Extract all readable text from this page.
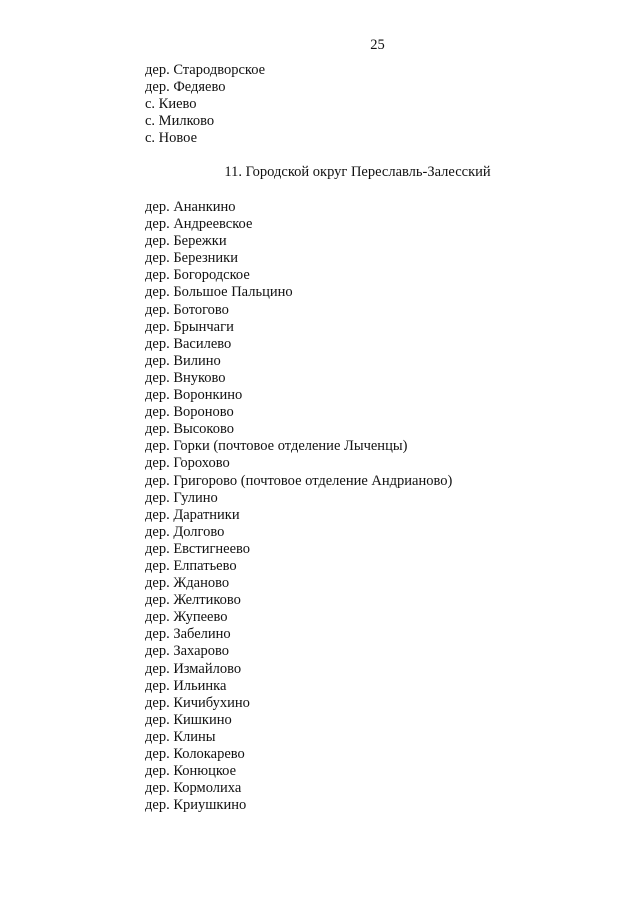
25
дер. Стародворское
дер. Федяево
с. Киево
с. Милково
с. Новое
11. Городской округ Переславль-Залесский
дер. Ананкино
дер. Андреевское
дер. Бережки
дер. Березники
дер. Богородское
дер. Большое Пальцино
дер. Ботогово
дер. Брынчаги
дер. Василево
дер. Вилино
дер. Внуково
дер. Воронкино
дер. Вороново
дер. Высоково
дер. Горки (почтовое отделение Лыченцы)
дер. Горохово
дер. Григорово (почтовое отделение Андрианово)
дер. Гулино
дер. Даратники
дер. Долгово
дер. Евстигнеево
дер. Елпатьево
дер. Жданово
дер. Желтиково
дер. Жупеево
дер. Забелино
дер. Захарово
дер. Измайлово
дер. Ильинка
дер. Кичибухино
дер. Кишкино
дер. Клины
дер. Колокарево
дер. Конюцкое
дер. Кормолиха
дер. Криушкино
